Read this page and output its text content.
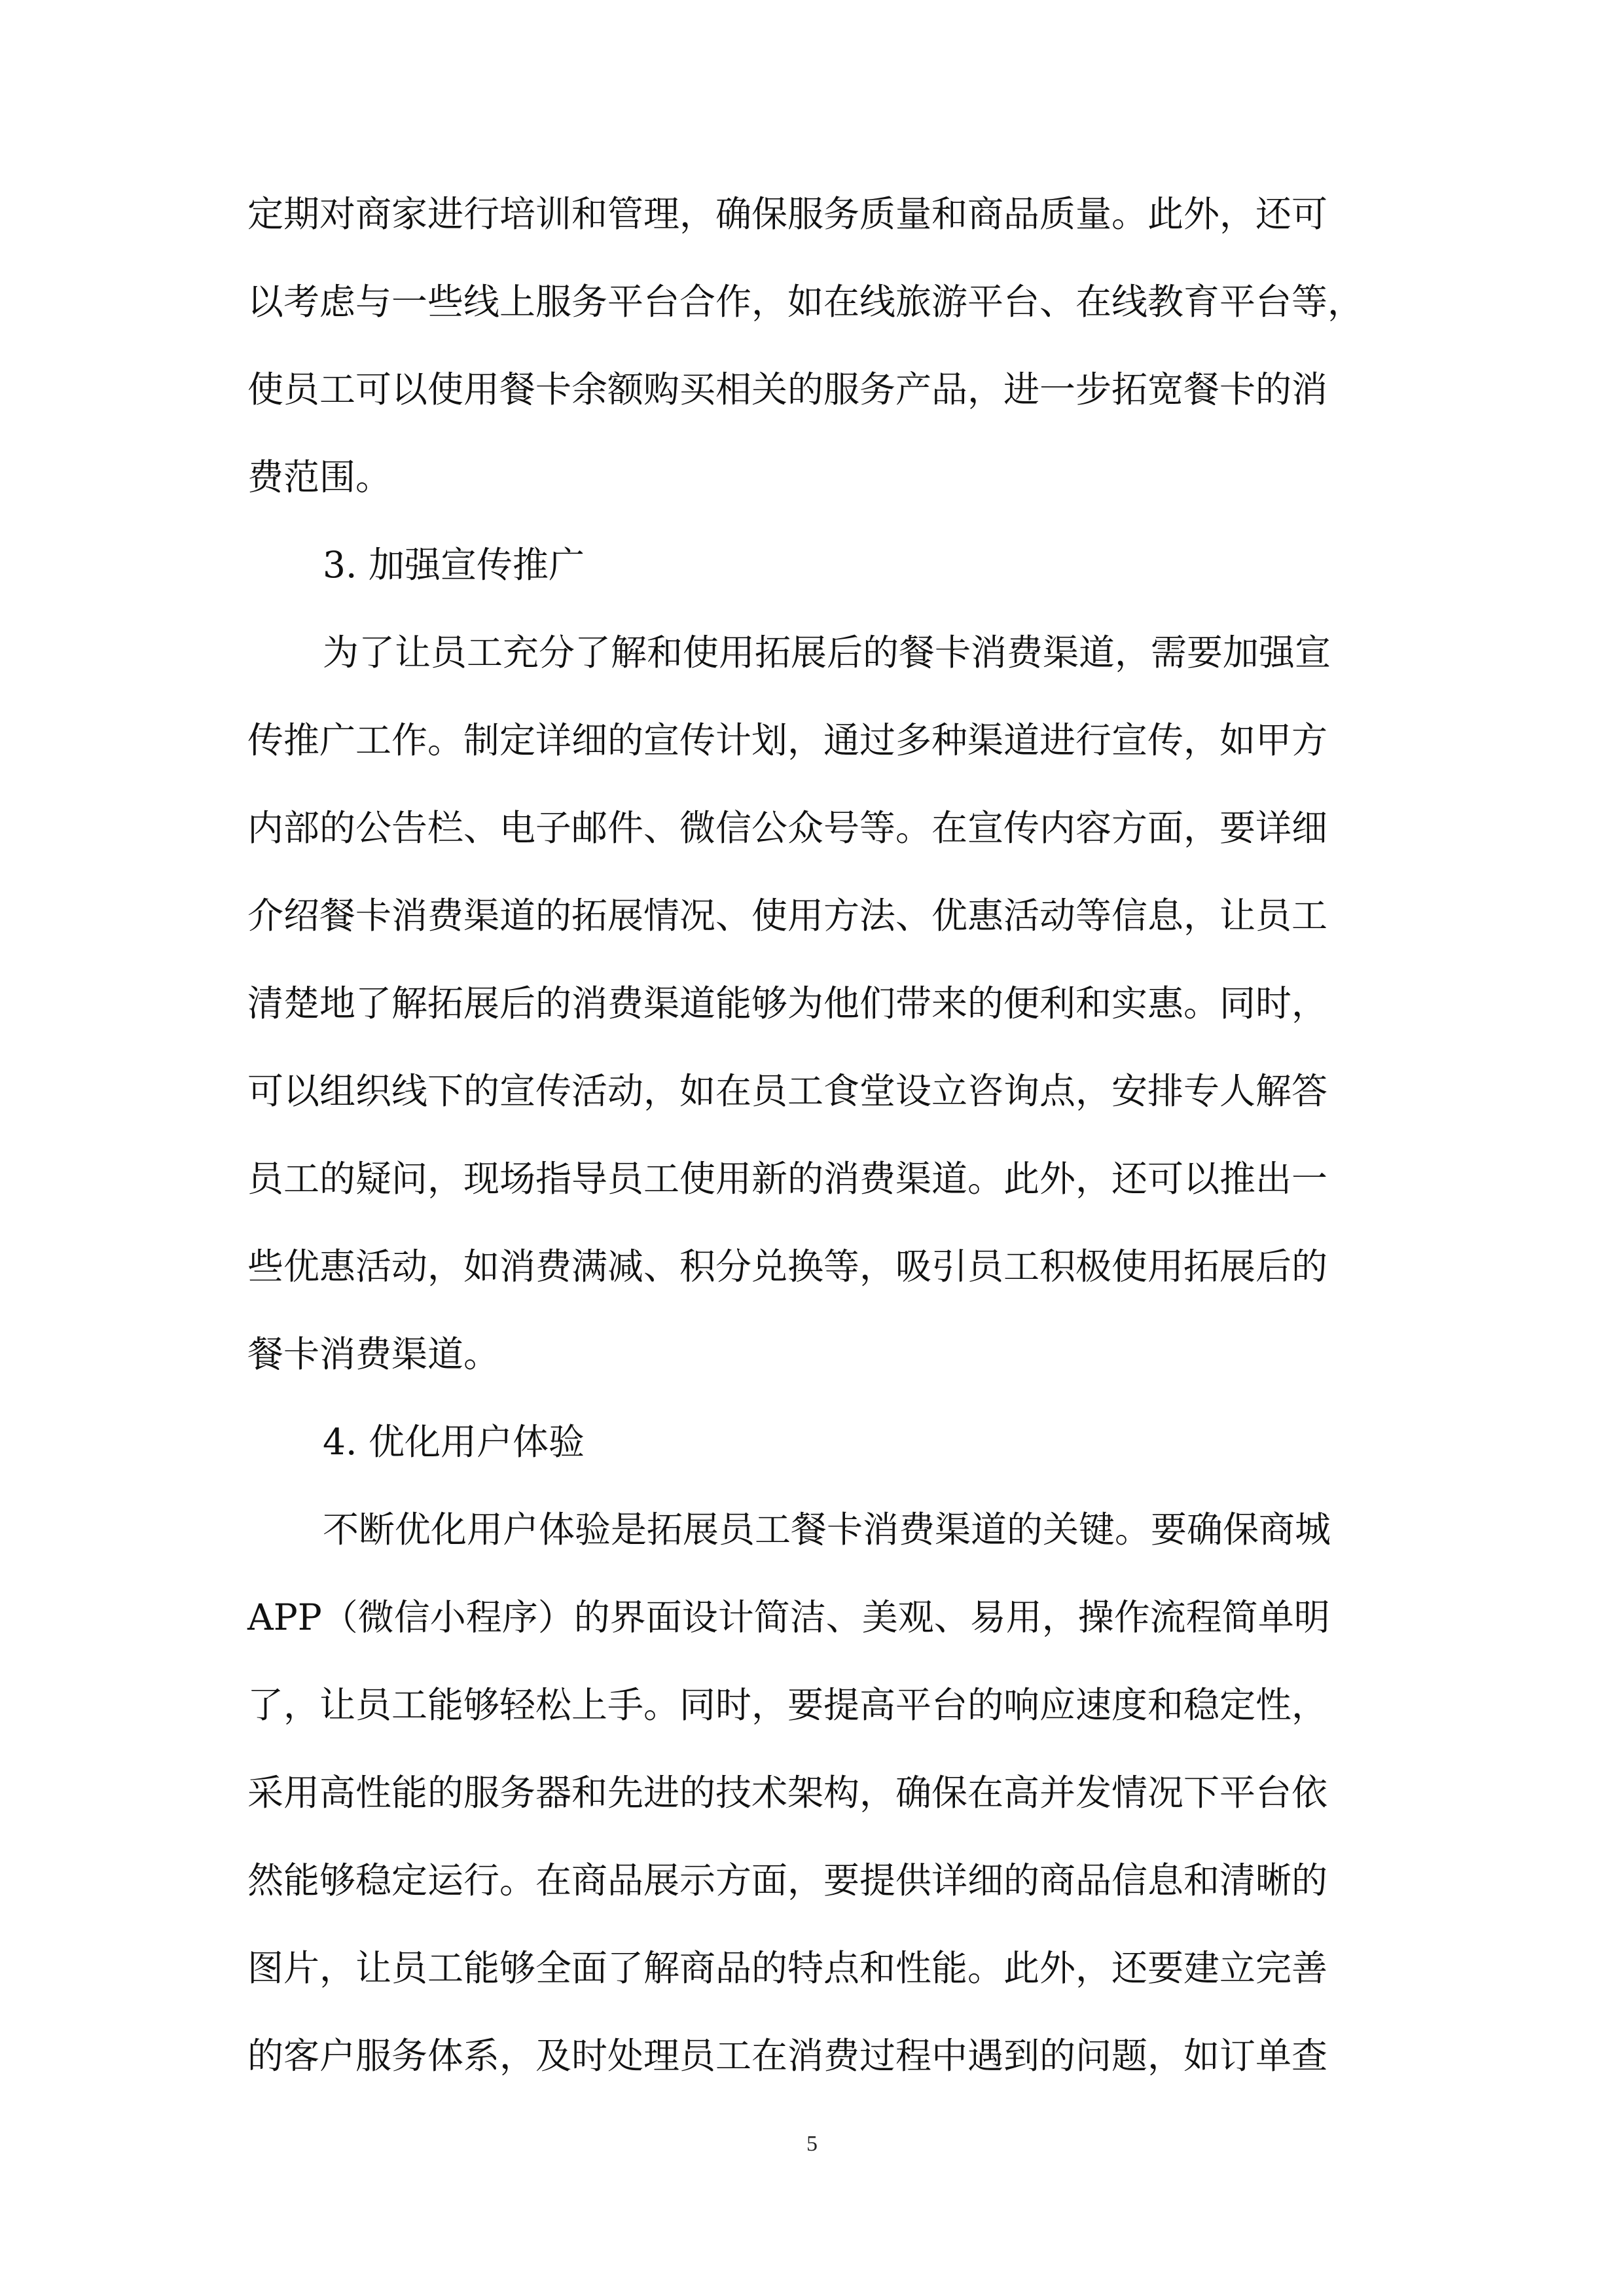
定期对商家进行培训和管理，确保服务质量和商品质量。此外，还可
以考虑与一些线上服务平台合作，如在线旅游平台、在线教育平台等，
使员工可以使用餐卡余额购买相关的服务产品，进一步拓宽餐卡的消
费范围。
3. 加强宣传推广
为了让员工充分了解和使用拓展后的餐卡消费渠道，需要加强宣
传推广工作。制定详细的宣传计划，通过多种渠道进行宣传，如甲方
内部的公告栏、电子邮件、微信公众号等。在宣传内容方面，要详细
介绍餐卡消费渠道的拓展情况、使用方法、优惠活动等信息，让员工
清楚地了解拓展后的消费渠道能够为他们带来的便利和实惠。同时，
可以组织线下的宣传活动，如在员工食堂设立咨询点，安排专人解答
员工的疑问，现场指导员工使用新的消费渠道。此外，还可以推出一
些优惠活动，如消费满减、积分兑换等，吸引员工积极使用拓展后的
餐卡消费渠道。
4. 优化用户体验
不断优化用户体验是拓展员工餐卡消费渠道的关键。要确保商城
APP（微信小程序）的界面设计简洁、美观、易用，操作流程简单明
了，让员工能够轻松上手。同时，要提高平台的响应速度和稳定性，
采用高性能的服务器和先进的技术架构，确保在高并发情况下平台依
然能够稳定运行。在商品展示方面，要提供详细的商品信息和清晰的
图片，让员工能够全面了解商品的特点和性能。此外，还要建立完善
的客户服务体系，及时处理员工在消费过程中遇到的问题，如订单查
5
